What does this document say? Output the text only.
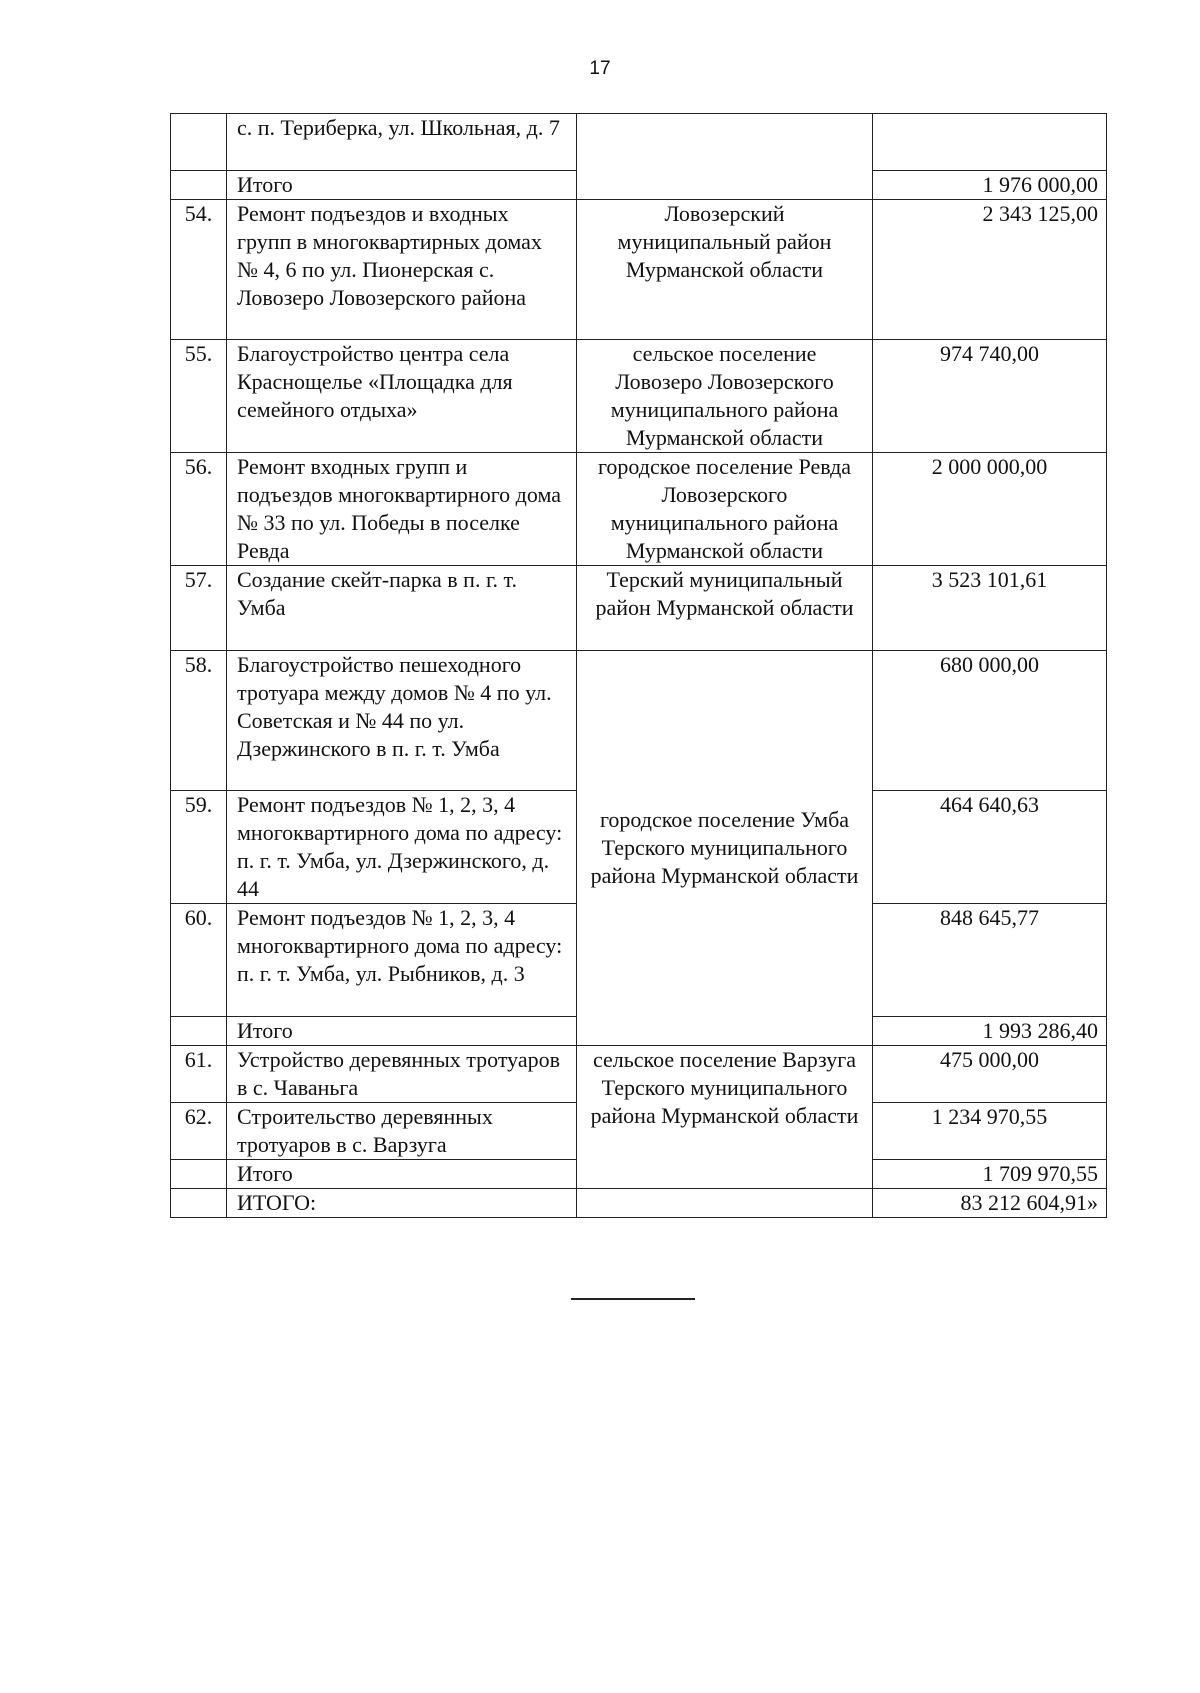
17
	с. п. Териберка, ул. Школьная, д. 7		
	Итого		1 976 000,00
54.	Ремонт подъездов и входных групп в многоквартирных домах № 4, 6 по ул. Пионерская с. Ловозеро Ловозерского района	Ловозерский муниципальный район Мурманской области	2 343 125,00
55.	Благоустройство центра села Краснощелье «Площадка для семейного отдыха»	сельское поселение Ловозеро Ловозерского муниципального района Мурманской области	974 740,00
56.	Ремонт входных групп и подъездов многоквартирного дома № 33 по ул. Победы в поселке Ревда	городское поселение Ревда Ловозерского муниципального района Мурманской области	2 000 000,00
57.	Создание скейт-парка в п. г. т. Умба	Терский муниципальный район Мурманской области	3 523 101,61
58.	Благоустройство пешеходного тротуара между домов № 4 по ул. Советская и № 44 по ул. Дзержинского в п. г. т. Умба	городское поселение Умба Терского муниципального района Мурманской области	680 000,00
59.	Ремонт подъездов № 1, 2, 3, 4 многоквартирного дома по адресу: п. г. т. Умба, ул. Дзержинского, д. 44		464 640,63
60.	Ремонт подъездов № 1, 2, 3, 4 многоквартирного дома по адресу: п. г. т. Умба, ул. Рыбников, д. 3		848 645,77
	Итого		1 993 286,40
61.	Устройство деревянных тротуаров в с. Чаваньга	сельское поселение Варзуга Терского муниципального района Мурманской области	475 000,00
62.	Строительство деревянных тротуаров в с. Варзуга		1 234 970,55
	Итого		1 709 970,55
	ИТОГО:		83 212 604,91»
